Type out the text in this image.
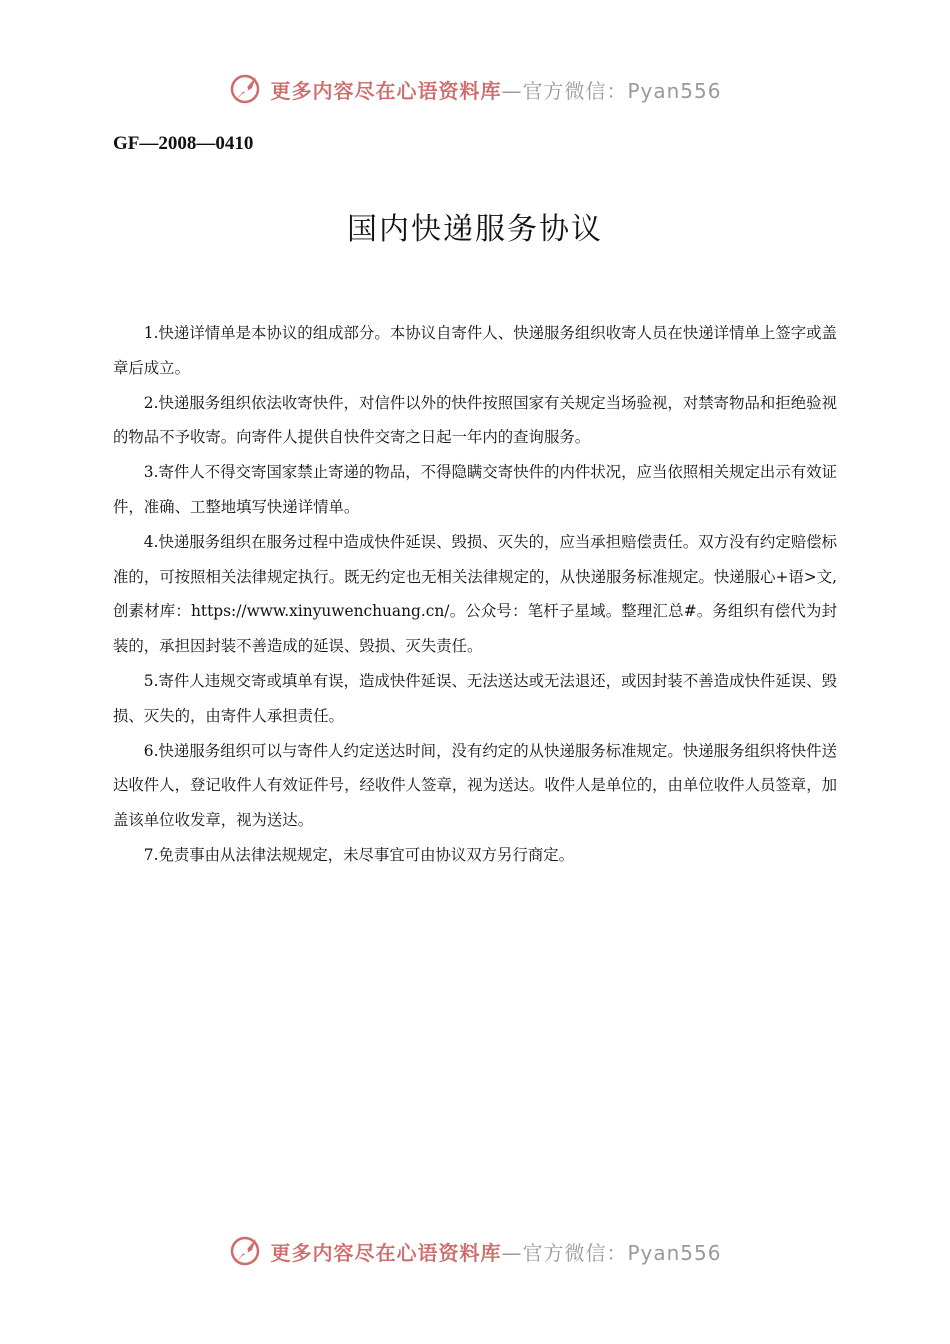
更多内容尽在心语资料库—官方微信：Pyan556
GF—2008—0410
国内快递服务协议

1.快递详情单是本协议的组成部分。本协议自寄件人、快递服务组织收寄人员在快递详情单上签字或盖章后成立。

2.快递服务组织依法收寄快件，对信件以外的快件按照国家有关规定当场验视，对禁寄物品和拒绝验视的物品不予收寄。向寄件人提供自快件交寄之日起一年内的查询服务。

3.寄件人不得交寄国家禁止寄递的物品，不得隐瞒交寄快件的内件状况，应当依照相关规定出示有效证件，准确、工整地填写快递详情单。

4.快递服务组织在服务过程中造成快件延误、毁损、灭失的，应当承担赔偿责任。双方没有约定赔偿标准的，可按照相关法律规定执行。既无约定也无相关法律规定的，从快递服务标准规定。快递服心+语>文,创素材库：https://www.xinyuwenchuang.cn/。公众号：笔杆子星域。整理汇总#。务组织有偿代为封装的，承担因封装不善造成的延误、毁损、灭失责任。

5.寄件人违规交寄或填单有误，造成快件延误、无法送达或无法退还，或因封装不善造成快件延误、毁损、灭失的，由寄件人承担责任。

6.快递服务组织可以与寄件人约定送达时间，没有约定的从快递服务标准规定。快递服务组织将快件送达收件人，登记收件人有效证件号，经收件人签章，视为送达。收件人是单位的，由单位收件人员签章，加盖该单位收发章，视为送达。

7.免责事由从法律法规规定，未尽事宜可由协议双方另行商定。

更多内容尽在心语资料库—官方微信：Pyan556
